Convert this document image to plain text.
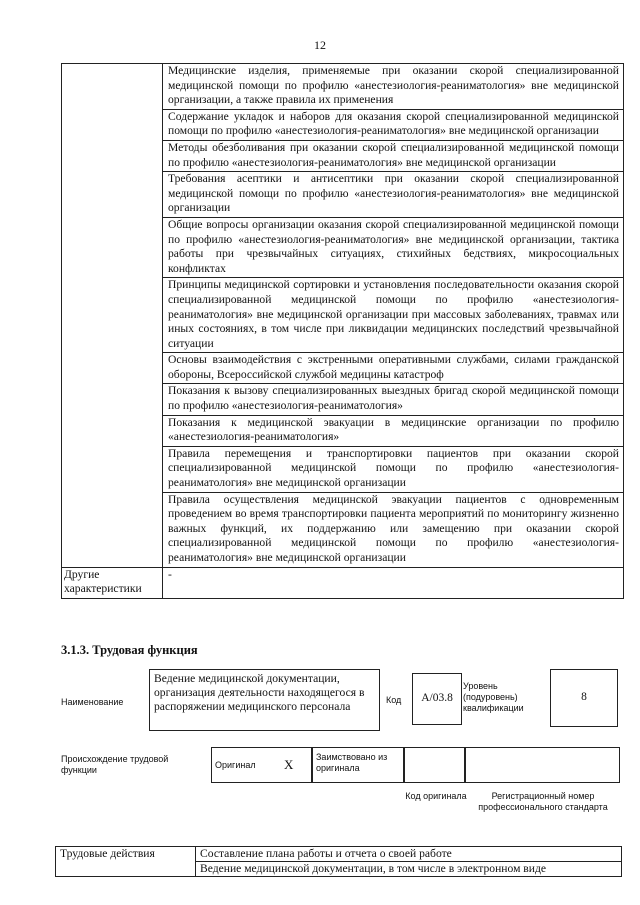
12
	Медицинские изделия, применяемые при оказании скорой специализированной медицинской помощи по профилю «анестезиология-реаниматология» вне медицинской организации, а также правила их применения
	Содержание укладок и наборов для оказания скорой специализированной медицинской помощи по профилю «анестезиология-реаниматология» вне медицинской организации
	Методы обезболивания при оказании скорой специализированной медицинской помощи по профилю «анестезиология-реаниматология» вне медицинской организации
	Требования асептики и антисептики при оказании скорой специализированной медицинской помощи по профилю «анестезиология-реаниматология» вне медицинской организации
	Общие вопросы организации оказания скорой специализированной медицинской помощи по профилю «анестезиология-реаниматология» вне медицинской организации, тактика работы при чрезвычайных ситуациях, стихийных бедствиях, микросоциальных конфликтах
	Принципы медицинской сортировки и установления последовательности оказания скорой специализированной медицинской помощи по профилю «анестезиология-реаниматология» вне медицинской организации при массовых заболеваниях, травмах или иных состояниях, в том числе при ликвидации медицинских последствий чрезвычайной ситуации
	Основы взаимодействия с экстренными оперативными службами, силами гражданской обороны, Всероссийской службой медицины катастроф
	Показания к вызову специализированных выездных бригад скорой медицинской помощи по профилю «анестезиология-реаниматология»
	Показания к медицинской эвакуации в медицинские организации по профилю «анестезиология-реаниматология»
	Правила перемещения и транспортировки пациентов при оказании скорой специализированной медицинской помощи по профилю «анестезиология-реаниматология» вне медицинской организации
	Правила осуществления медицинской эвакуации пациентов с одновременным проведением во время транспортировки пациента мероприятий по мониторингу жизненно важных функций, их поддержанию или замещению при оказании скорой специализированной медицинской помощи по профилю «анестезиология-реаниматология» вне медицинской организации
Другие характеристики	-
3.1.3. Трудовая функция
Наименование
Ведение медицинской документации, организация деятельности находящегося в распоряжении медицинского персонала	Код	A/03.8
Уровень (подуровень) квалификации
8
Происхождение трудовой функции	Оригинал X	Заимствовано из оригинала
Код оригинала	Регистрационный номер профессионального стандарта
Трудовые действия	Составление плана работы и отчета о своей работе
Ведение медицинской документации, в том числе в электронном виде
